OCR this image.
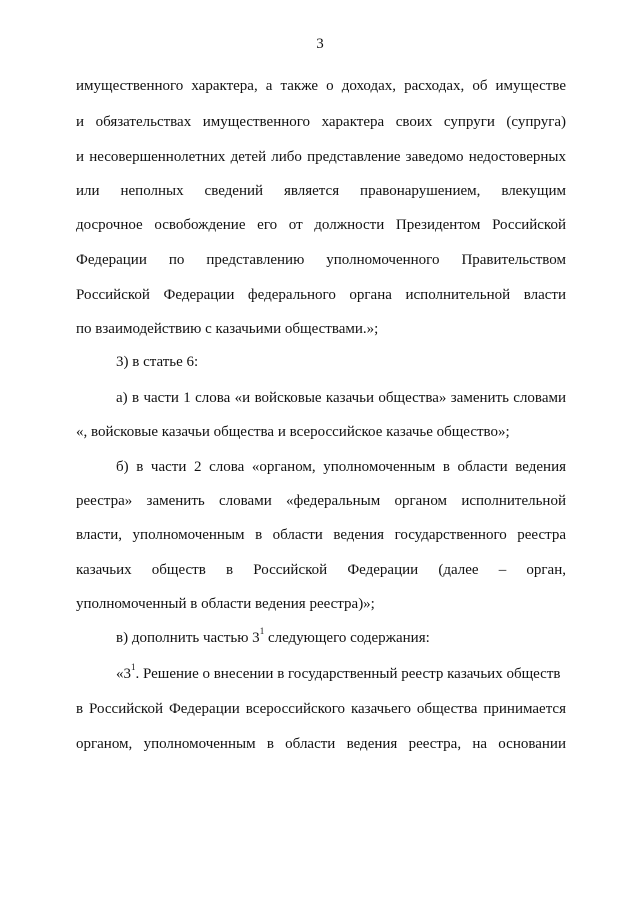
3
имущественного характера, а также о доходах, расходах, об имуществе
и обязательствах имущественного характера своих супруги (супруга)
и несовершеннолетних детей либо представление заведомо недостоверных
или неполных сведений является правонарушением, влекущим
досрочное освобождение его от должности Президентом Российской
Федерации по представлению уполномоченного Правительством
Российской Федерации федерального органа исполнительной власти
по взаимодействию с казачьими обществами.»;
3) в статье 6:
а) в части 1 слова «и войсковые казачьи общества» заменить словами
«, войсковые казачьи общества и всероссийское казачье общество»;
б) в части 2 слова «органом, уполномоченным в области ведения
реестра» заменить словами «федеральным органом исполнительной
власти, уполномоченным в области ведения государственного реестра
казачьих обществ в Российской Федерации (далее – орган,
уполномоченный в области ведения реестра)»;
в) дополнить частью $3^1$ следующего содержания:
«$3^1$. Решение о внесении в государственный реестр казачьих обществ
в Российской Федерации всероссийского казачьего общества принимается
органом, уполномоченным в области ведения реестра, на основании
